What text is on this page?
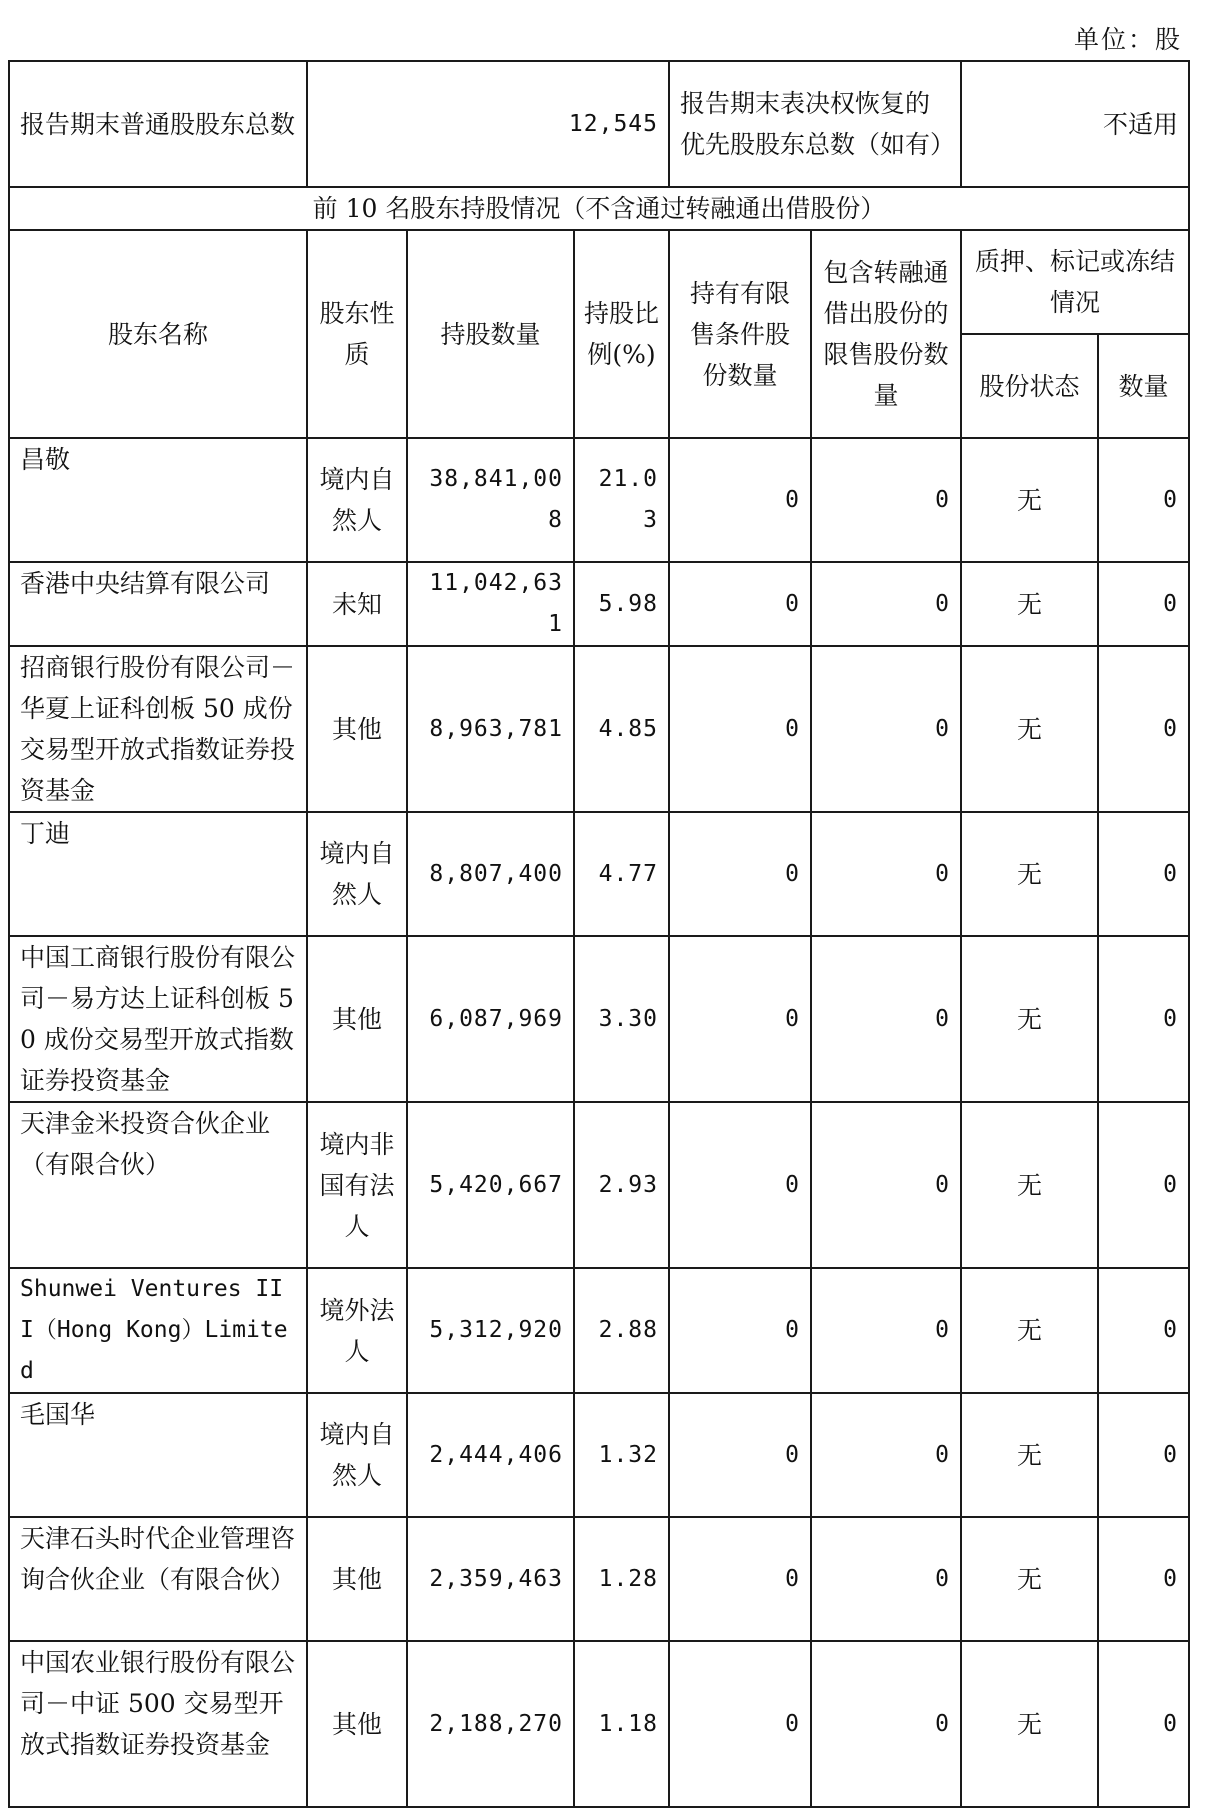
单位：股
报告期末普通股股东总数	12,545			报告期末表决权恢复的优先股股东总数（如有）		不适用	
前 10 名股东持股情况（不含通过转融通出借股份）							
股东名称	股东性质	持股数量	持股比例(%)	持有有限售条件股份数量	包含转融通借出股份的限售股份数量	质押、标记或冻结情况	
						股份状态	数量
昌敬	境内自然人	38,841,008	21.03	0	0	无	0
香港中央结算有限公司	未知	11,042,631	5.98	0	0	无	0
招商银行股份有限公司－华夏上证科创板 50 成份交易型开放式指数证券投资基金	其他	8,963,781	4.85	0	0	无	0
丁迪	境内自然人	8,807,400	4.77	0	0	无	0
中国工商银行股份有限公司－易方达上证科创板 50 成份交易型开放式指数证券投资基金	其他	6,087,969	3.30	0	0	无	0
天津金米投资合伙企业（有限合伙）	境内非国有法人	5,420,667	2.93	0	0	无	0
Shunwei Ventures III（Hong Kong）Limited	境外法人	5,312,920	2.88	0	0	无	0
毛国华	境内自然人	2,444,406	1.32	0	0	无	0
天津石头时代企业管理咨询合伙企业（有限合伙）	其他	2,359,463	1.28	0	0	无	0
中国农业银行股份有限公司－中证 500 交易型开放式指数证券投资基金	其他	2,188,270	1.18	0	0	无	0
